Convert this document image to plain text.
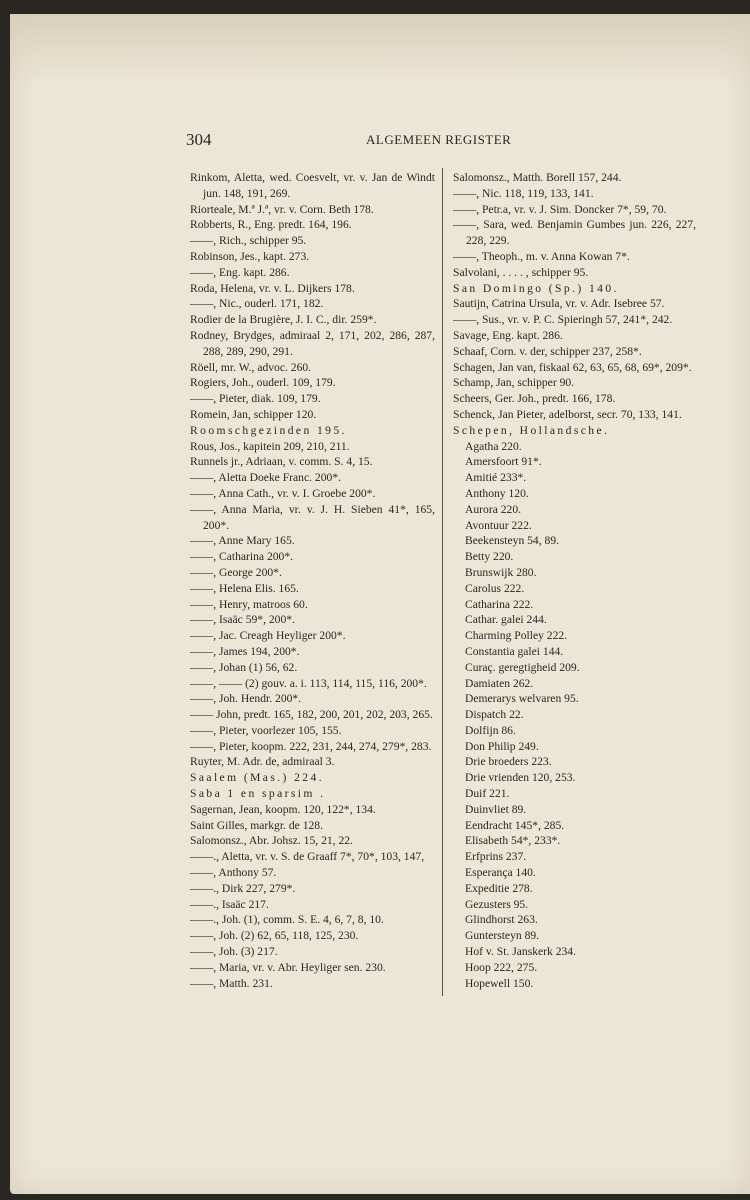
304	ALGEMEEN REGISTER
Rinkom, Aletta, wed. Coesvelt, vr. v. Jan de Windt jun. 148, 191, 269.
Riorteale, M.ª J.ª, vr. v. Corn. Beth 178.
Robberts, R., Eng. predt. 164, 196.
——, Rich., schipper 95.
Robinson, Jes., kapt. 273.
——, Eng. kapt. 286.
Roda, Helena, vr. v. L. Dijkers 178.
——, Nic., ouderl. 171, 182.
Rodier de la Brugière, J. I. C., dir. 259*.
Rodney, Brydges, admiraal 2, 171, 202, 286, 287, 288, 289, 290, 291.
Röell, mr. W., advoc. 260.
Rogiers, Joh., ouderl. 109, 179.
——, Pieter, diak. 109, 179.
Romein, Jan, schipper 120.
Roomschgezinden 195.
Rous, Jos., kapitein 209, 210, 211.
Runnels jr., Adriaan, v. comm. S. 4, 15.
——, Aletta Doeke Franc. 200*.
——, Anna Cath., vr. v. I. Groebe 200*.
——, Anna Maria, vr. v. J. H. Sieben 41*, 165, 200*.
——, Anne Mary 165.
——, Catharina 200*.
——, George 200*.
——, Helena Elis. 165.
——, Henry, matroos 60.
——, Isaäc 59*, 200*.
——, Jac. Creagh Heyliger 200*.
——, James 194, 200*.
——, Johan (1) 56, 62.
——, —— (2) gouv. a. i. 113, 114, 115, 116, 200*.
——, Joh. Hendr. 200*.
—— John, predt. 165, 182, 200, 201, 202, 203, 265.
——, Pieter, voorlezer 105, 155.
——, Pieter, koopm. 222, 231, 244, 274, 279*, 283.
Ruyter, M. Adr. de, admiraal 3.
Saalem (Mas.) 224.
Saba 1 en sparsim .
Sagernan, Jean, koopm. 120, 122*, 134.
Saint Gilles, markgr. de 128.
Salomonsz., Abr. Johsz. 15, 21, 22.
——., Aletta, vr. v. S. de Graaff 7*, 70*, 103, 147,
——, Anthony 57.
——., Dirk 227, 279*.
——., Isaäc 217.
——., Joh. (1), comm. S. E. 4, 6, 7, 8, 10.
——, Joh. (2) 62, 65, 118, 125, 230.
——, Joh. (3) 217.
——, Maria, vr. v. Abr. Heyliger sen. 230.
——, Matth. 231.
Salomonsz., Matth. Borell 157, 244.
——, Nic. 118, 119, 133, 141.
——, Petr.a, vr. v. J. Sim. Doncker 7*, 59, 70.
——, Sara, wed. Benjamin Gumbes jun. 226, 227, 228, 229.
——, Theoph., m. v. Anna Kowan 7*.
Salvolani, . . . . , schipper 95.
San Domingo (Sp.) 140.
Sautijn, Catrina Ursula, vr. v. Adr. Isebree 57.
——, Sus., vr. v. P. C. Spieringh 57, 241*, 242.
Savage, Eng. kapt. 286.
Schaaf, Corn. v. der, schipper 237, 258*.
Schagen, Jan van, fiskaal 62, 63, 65, 68, 69*, 209*.
Schamp, Jan, schipper 90.
Scheers, Ger. Joh., predt. 166, 178.
Schenck, Jan Pieter, adelborst, secr. 70, 133, 141.
Schepen, Hollandsche.
Agatha 220.
Amersfoort 91*.
Amitié 233*.
Anthony 120.
Aurora 220.
Avontuur 222.
Beekensteyn 54, 89.
Betty 220.
Brunswijk 280.
Carolus 222.
Catharina 222.
Cathar. galei 244.
Charming Polley 222.
Constantia galei 144.
Curaç. geregtigheid 209.
Damiaten 262.
Demerarys welvaren 95.
Dispatch 22.
Dolfijn 86.
Don Philip 249.
Drie broeders 223.
Drie vrienden 120, 253.
Duif 221.
Duinvliet 89.
Eendracht 145*, 285.
Elisabeth 54*, 233*.
Erfprins 237.
Esperança 140.
Expeditie 278.
Gezusters 95.
Glindhorst 263.
Guntersteyn 89.
Hof v. St. Janskerk 234.
Hoop 222, 275.
Hopewell 150.
